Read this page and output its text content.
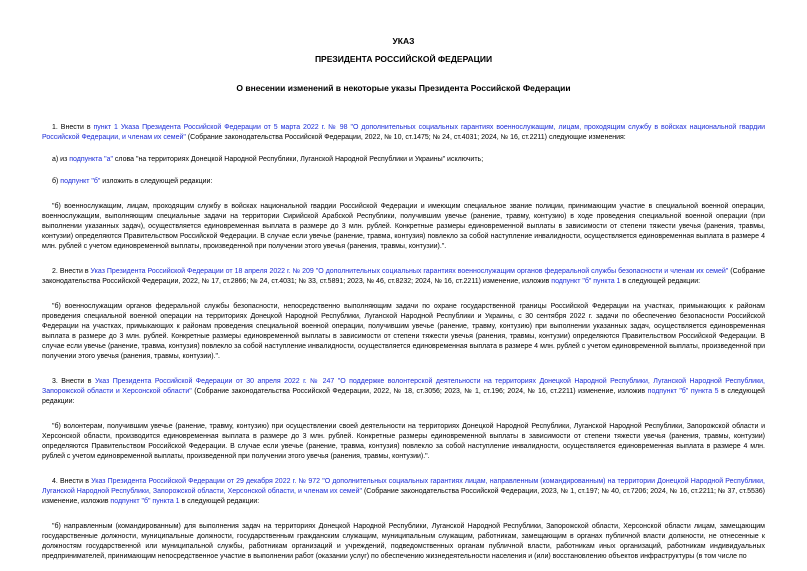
УКАЗ

ПРЕЗИДЕНТА РОССИЙСКОЙ ФЕДЕРАЦИИ

О внесении изменений в некоторые указы Президента Российской Федерации

1. Внести в пункт 1 Указа Президента Российской Федерации от 5 марта 2022 г. № 98 "О дополнительных социальных гарантиях военнослужащим, лицам, проходящим службу в войсках национальной гвардии Российской Федерации, и членам их семей" (Собрание законодательства Российской Федерации, 2022, № 10, ст.1475; № 24, ст.4031; 2024, № 16, ст.2211) следующие изменения:

а) из подпункта "а" слова "на территориях Донецкой Народной Республики, Луганской Народной Республики и Украины" исключить;

б) подпункт "б" изложить в следующей редакции:

"б) военнослужащим, лицам, проходящим службу в войсках национальной гвардии Российской Федерации и имеющим специальное звание полиции, принимающим участие в специальной военной операции, военнослужащим, выполняющим специальные задачи на территории Сирийской Арабской Республики, получившим увечье (ранение, травму, контузию) в ходе проведения специальной военной операции (при выполнении указанных задач), осуществляется единовременная выплата в размере до 3 млн. рублей. Конкретные размеры единовременной выплаты в зависимости от степени тяжести увечья (ранения, травмы, контузии) определяются Правительством Российской Федерации. В случае если увечье (ранение, травма, контузия) повлекло за собой наступление инвалидности, осуществляется единовременная выплата в размере 4 млн. рублей с учетом единовременной выплаты, произведенной при получении этого увечья (ранения, травмы, контузии).".

2. Внести в Указ Президента Российской Федерации от 18 апреля 2022 г. № 209 "О дополнительных социальных гарантиях военнослужащим органов федеральной службы безопасности и членам их семей" (Собрание законодательства Российской Федерации, 2022, № 17, ст.2866; № 24, ст.4031; № 33, ст.5891; 2023, № 46, ст.8232; 2024, № 16, ст.2211) изменение, изложив подпункт "б" пункта 1 в следующей редакции:

"б) военнослужащим органов федеральной службы безопасности, непосредственно выполняющим задачи по охране государственной границы Российской Федерации на участках, примыкающих к районам проведения специальной военной операции на территориях Донецкой Народной Республики, Луганской Народной Республики и Украины, с 30 сентября 2022 г. задачи по обеспечению безопасности Российской Федерации на участках, примыкающих к районам проведения специальной военной операции, получившим увечье (ранение, травму, контузию) при выполнении указанных задач, осуществляется единовременная выплата в размере до 3 млн. рублей. Конкретные размеры единовременной выплаты в зависимости от степени тяжести увечья (ранения, травмы, контузии) определяются Правительством Российской Федерации. В случае если увечье (ранение, травма, контузия) повлекло за собой наступление инвалидности, осуществляется единовременная выплата в размере 4 млн. рублей с учетом единовременной выплаты, произведенной при получении этого увечья (ранения, травмы, контузии).".

3. Внести в Указ Президента Российской Федерации от 30 апреля 2022 г. № 247 "О поддержке волонтерской деятельности на территориях Донецкой Народной Республики, Луганской Народной Республики, Запорожской области и Херсонской области" (Собрание законодательства Российской Федерации, 2022, № 18, ст.3056; 2023, № 1, ст.196; 2024, № 16, ст.2211) изменение, изложив подпункт "б" пункта 5 в следующей редакции:

"б) волонтерам, получившим увечье (ранение, травму, контузию) при осуществлении своей деятельности на территориях Донецкой Народной Республики, Луганской Народной Республики, Запорожской области и Херсонской области, производится единовременная выплата в размере до 3 млн. рублей. Конкретные размеры единовременной выплаты в зависимости от степени тяжести увечья (ранения, травмы, контузии) определяются Правительством Российской Федерации. В случае если увечье (ранение, травма, контузия) повлекло за собой наступление инвалидности, осуществляется единовременная выплата в размере 4 млн. рублей с учетом единовременной выплаты, произведенной при получении этого увечья (ранения, травмы, контузии).".

4. Внести в Указ Президента Российской Федерации от 29 декабря 2022 г. № 972 "О дополнительных социальных гарантиях лицам, направленным (командированным) на территории Донецкой Народной Республики, Луганской Народной Республики, Запорожской области, Херсонской области, и членам их семей" (Собрание законодательства Российской Федерации, 2023, № 1, ст.197; № 40, ст.7206; 2024, № 16, ст.2211; № 37, ст.5536) изменение, изложив подпункт "б" пункта 1 в следующей редакции:

"б) направленным (командированным) для выполнения задач на территориях Донецкой Народной Республики, Луганской Народной Республики, Запорожской области, Херсонской области лицам, замещающим государственные должности, муниципальные должности, государственным гражданским служащим, муниципальным служащим, работникам, замещающим в органах публичной власти должности, не отнесенные к должностям государственной или муниципальной службы, работникам организаций и учреждений, подведомственных органам публичной власти, работникам иных организаций, работникам индивидуальных предпринимателей, принимающим непосредственное участие в выполнении работ (оказании услуг) по обеспечению жизнедеятельности населения и (или) восстановлению объектов инфраструктуры (в том числе по
